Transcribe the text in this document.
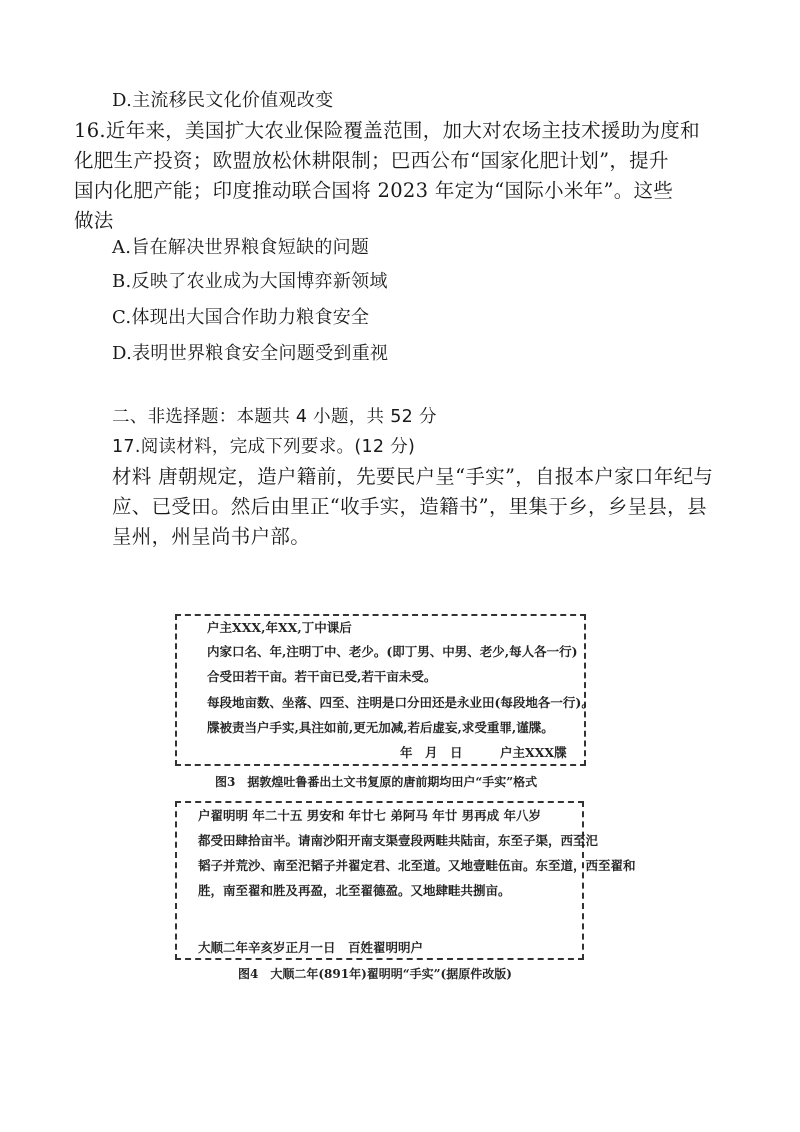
D.主流移民文化价值观改变
16.近年来，美国扩大农业保险覆盖范围，加大对农场主技术援助为度和
化肥生产投资；欧盟放松休耕限制；巴西公布“国家化肥计划”，提升
国内化肥产能；印度推动联合国将 2023 年定为“国际小米年”。这些
做法
A.旨在解决世界粮食短缺的问题
B.反映了农业成为大国博弈新领域
C.体现出大国合作助力粮食安全
D.表明世界粮食安全问题受到重视
二、非选择题：本题共 4 小题，共 52 分
17.阅读材料，完成下列要求。(12 分)
材料 唐朝规定，造户籍前，先要民户呈“手实”，自报本户家口年纪与
应、已受田。然后由里正“收手实，造籍书”，里集于乡，乡呈县，县
呈州，州呈尚书户部。
户主XXX,年XX,丁中课后
内家口名、年,注明丁中、老少。(即丁男、中男、老少,每人各一行)
合受田若干亩。若干亩已受,若干亩未受。
每段地亩数、坐落、四至、注明是口分田还是永业田(每段地各一行)。
牒被责当户手实,具注如前,更无加减,若后虚妄,求受重罪,谨牒。
年　月　日　　　户主XXX牒
图3　据敦煌吐鲁番出土文书复原的唐前期均田户“手实”格式
户翟明明 年二十五 男安和 年廿七 弟阿马 年廿 男再成 年八岁
都受田肆拾亩半。请南沙阳开南支渠壹段两畦共陆亩，东至子渠，西至汜
韬子并荒沙、南至汜韬子并翟定君、北至道。又地壹畦伍亩。东至道，西至翟和
胜，南至翟和胜及再盈，北至翟德盈。又地肆畦共捌亩。
大顺二年辛亥岁正月一日　百姓翟明明户
图4　大顺二年(891年)翟明明“手实”(据原件改版)
